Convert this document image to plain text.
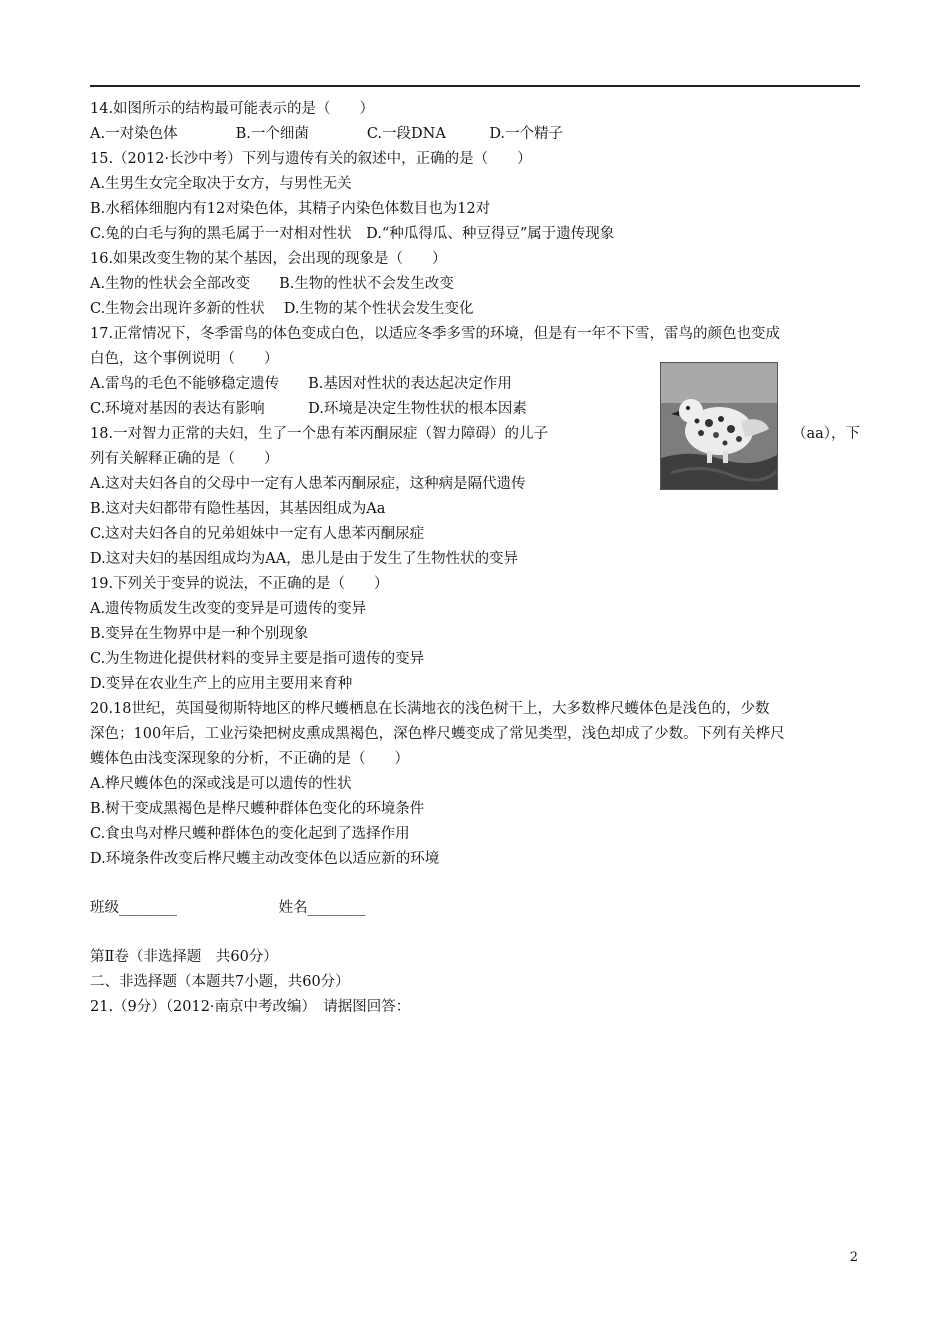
14.如图所示的结构最可能表示的是（　　）
A.一对染色体　　　　B.一个细菌　　　　C.一段DNA　　　D.一个精子
15.（2012·长沙中考）下列与遗传有关的叙述中，正确的是（　　）
A.生男生女完全取决于女方，与男性无关
B.水稻体细胞内有12对染色体，其精子内染色体数目也为12对
C.兔的白毛与狗的黑毛属于一对相对性状　D.“种瓜得瓜、种豆得豆”属于遗传现象
16.如果改变生物的某个基因，会出现的现象是（　　）
A.生物的性状会全部改变　　B.生物的性状不会发生改变
C.生物会出现许多新的性状　 D.生物的某个性状会发生变化
17.正常情况下，冬季雷鸟的体色变成白色，以适应冬季多雪的环境，但是有一年不下雪，雷鸟的颜色也变成
白色，这个事例说明（　　）
A.雷鸟的毛色不能够稳定遗传　　B.基因对性状的表达起决定作用
C.环境对基因的表达有影响　　　D.环境是决定生物性状的根本因素
18.一对智力正常的夫妇，生了一个患有苯丙酮尿症（智力障碍）的儿子	（aa），下
列有关解释正确的是（　　）
A.这对夫妇各自的父母中一定有人患苯丙酮尿症，这种病是隔代遗传
B.这对夫妇都带有隐性基因，其基因组成为Aa
C.这对夫妇各自的兄弟姐妹中一定有人患苯丙酮尿症
D.这对夫妇的基因组成均为AA，患儿是由于发生了生物性状的变异
19.下列关于变异的说法，不正确的是（　　）
A.遗传物质发生改变的变异是可遗传的变异
B.变异在生物界中是一种个别现象
C.为生物进化提供材料的变异主要是指可遗传的变异
D.变异在农业生产上的应用主要用来育种
20.18世纪，英国曼彻斯特地区的桦尺蠖栖息在长满地衣的浅色树干上，大多数桦尺蠖体色是浅色的，少数
深色；100年后，工业污染把树皮熏成黑褐色，深色桦尺蠖变成了常见类型，浅色却成了少数。下列有关桦尺
蠖体色由浅变深现象的分析，不正确的是（　　）
A.桦尺蠖体色的深或浅是可以遗传的性状
B.树干变成黑褐色是桦尺蠖种群体色变化的环境条件
C.食虫鸟对桦尺蠖种群体色的变化起到了选择作用
D.环境条件改变后桦尺蠖主动改变体色以适应新的环境
班级________　　　　　　　姓名________
第Ⅱ卷（非选择题　共60分）
二、非选择题（本题共7小题，共60分）
21.（9分）（2012·南京中考改编）　请据图回答：
2
